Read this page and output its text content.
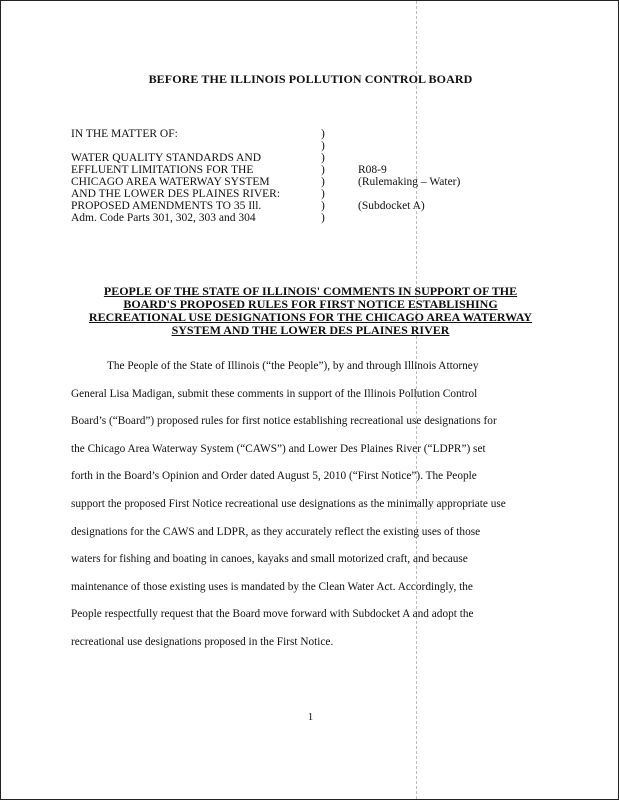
BEFORE THE ILLINOIS POLLUTION CONTROL BOARD
IN THE MATTER OF:	)
)
WATER QUALITY STANDARDS AND	)
EFFLUENT LIMITATIONS FOR THE	)	R08-9
CHICAGO AREA WATERWAY SYSTEM	)	(Rulemaking – Water)
AND THE LOWER DES PLAINES RIVER:	)
PROPOSED AMENDMENTS TO 35 Ill.	)	(Subdocket A)
Adm. Code Parts 301, 302, 303 and 304	)
PEOPLE OF THE STATE OF ILLINOIS' COMMENTS IN SUPPORT OF THE
BOARD'S PROPOSED RULES FOR FIRST NOTICE ESTABLISHING
RECREATIONAL USE DESIGNATIONS FOR THE CHICAGO AREA WATERWAY
SYSTEM AND THE LOWER DES PLAINES RIVER
The People of the State of Illinois (“the People”), by and through Illinois Attorney
General Lisa Madigan, submit these comments in support of the Illinois Pollution Control
Board’s (“Board”) proposed rules for first notice establishing recreational use designations for
the Chicago Area Waterway System (“CAWS”) and Lower Des Plaines River (“LDPR”) set
forth in the Board’s Opinion and Order dated August 5, 2010 (“First Notice”). The People
support the proposed First Notice recreational use designations as the minimally appropriate use
designations for the CAWS and LDPR, as they accurately reflect the existing uses of those
waters for fishing and boating in canoes, kayaks and small motorized craft, and because
maintenance of those existing uses is mandated by the Clean Water Act. Accordingly, the
People respectfully request that the Board move forward with Subdocket A and adopt the
recreational use designations proposed in the First Notice.
1
